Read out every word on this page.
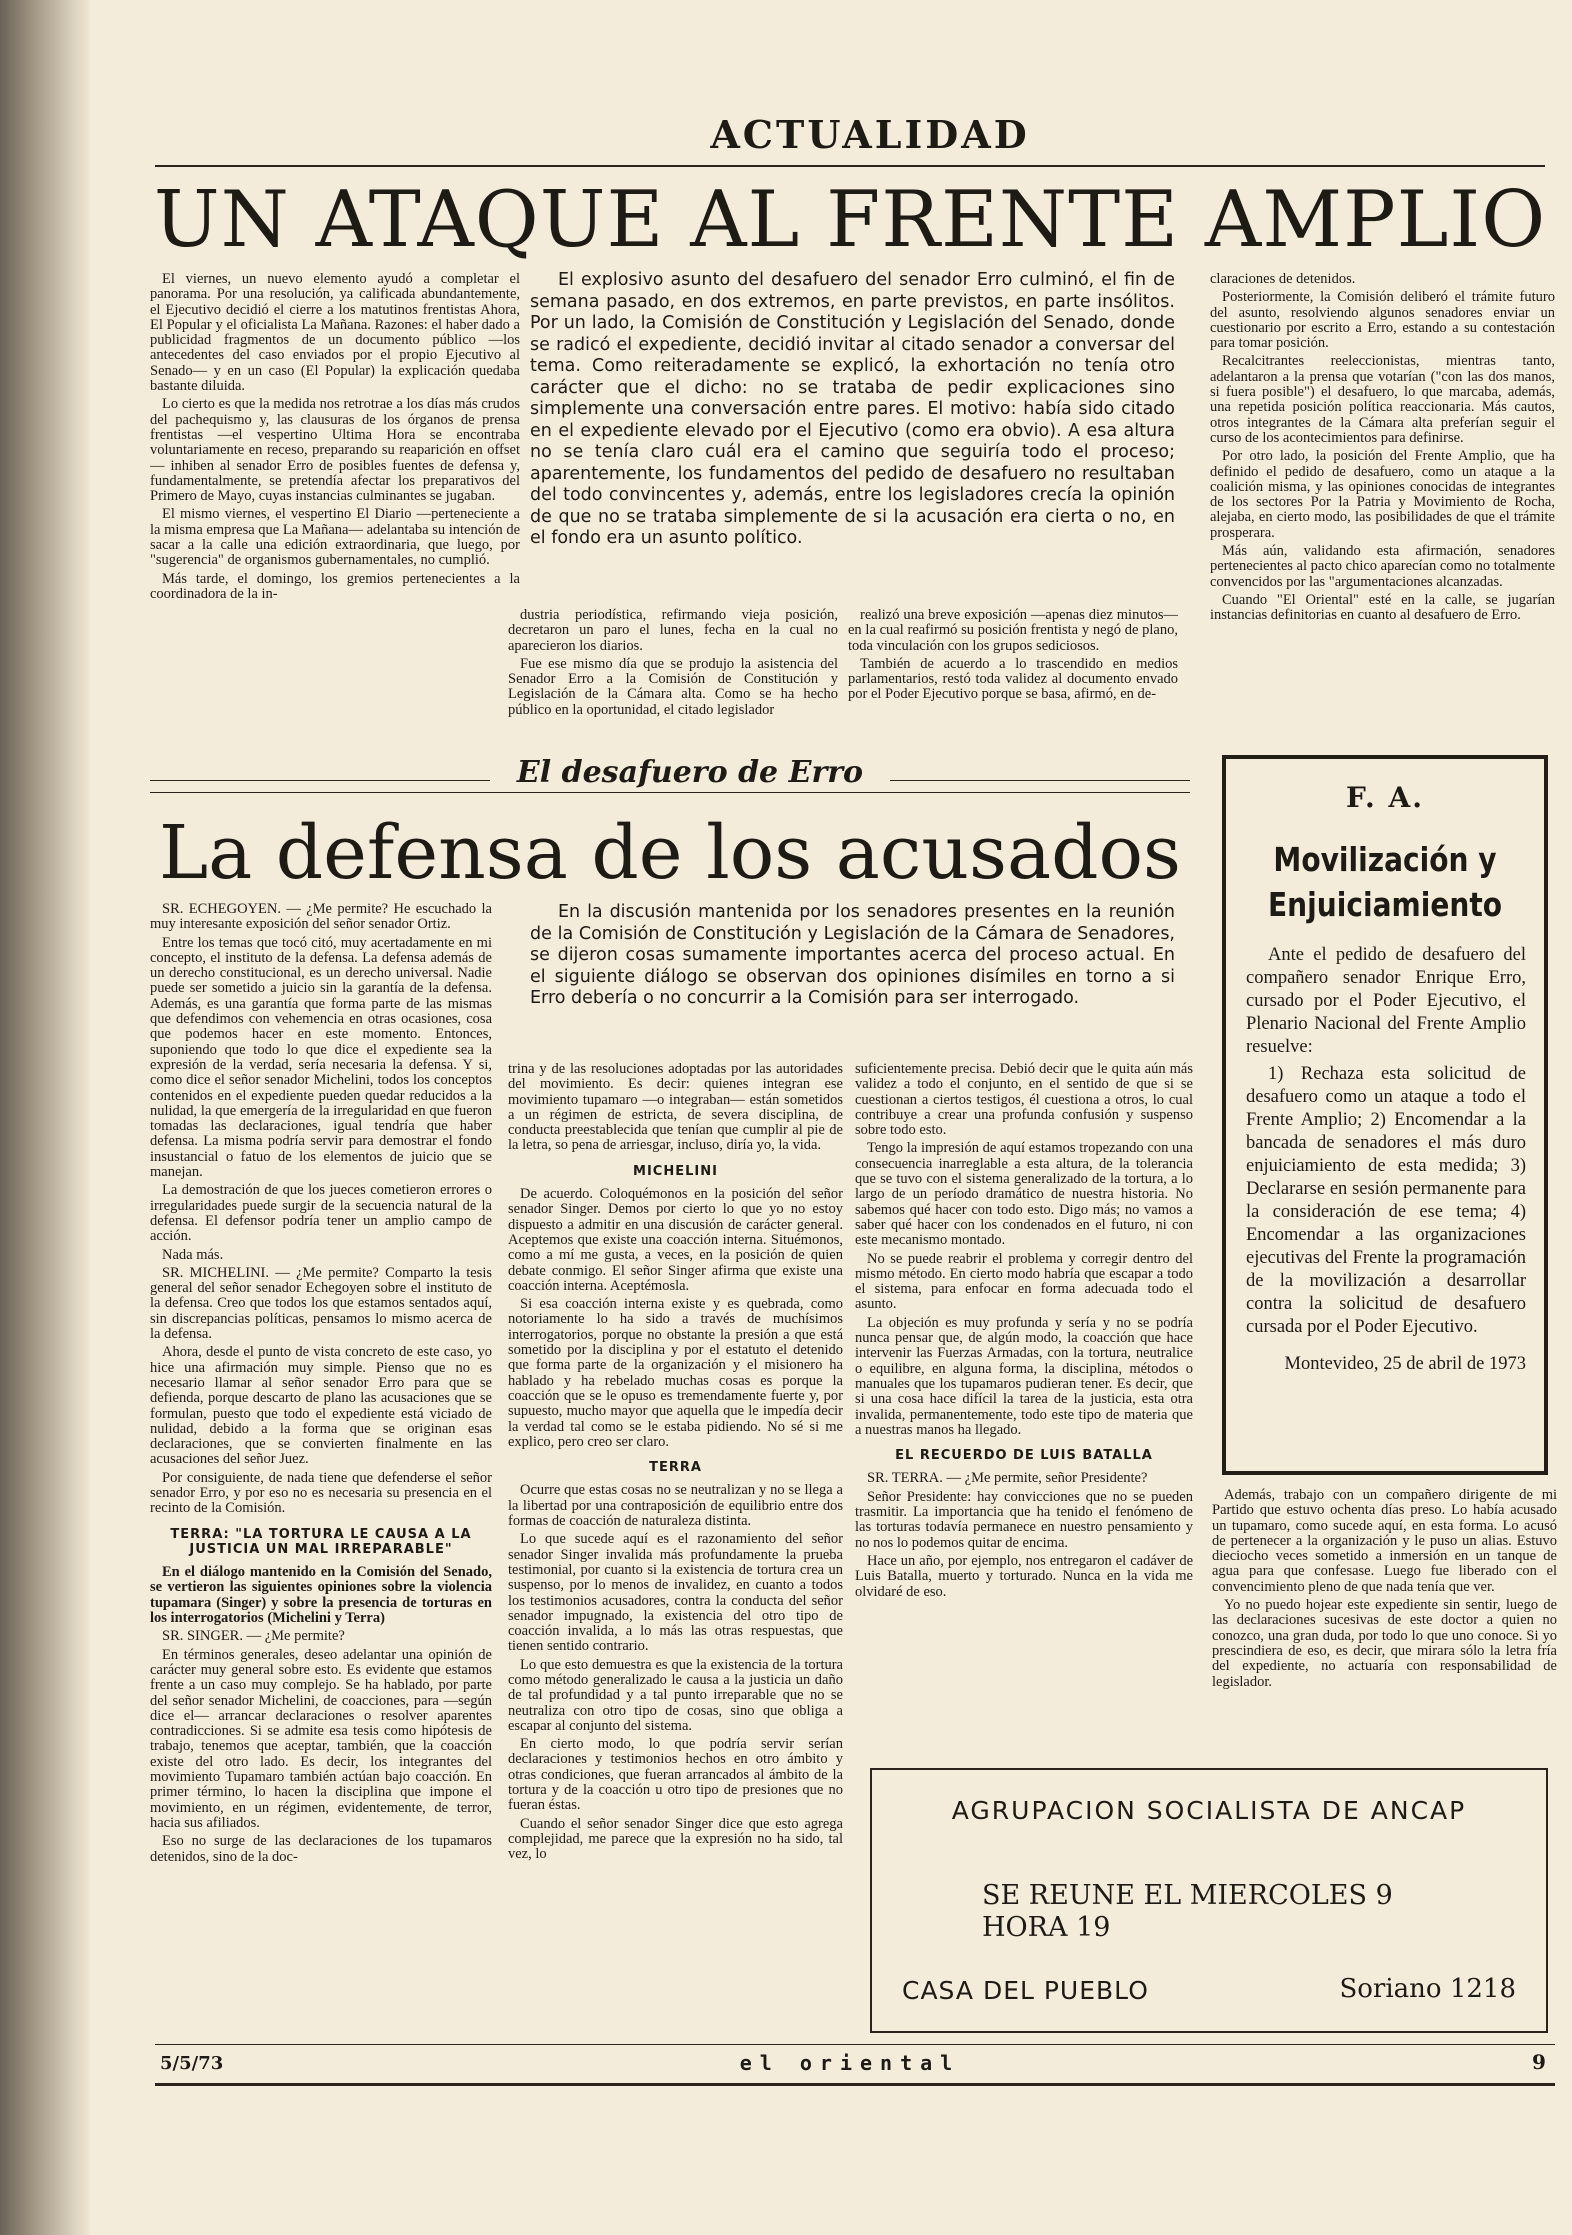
ACTUALIDAD
UN ATAQUE AL FRENTE AMPLIO

El viernes, un nuevo elemento ayudó a completar el panorama. Por una resolución, ya calificada abundantemente, el Ejecutivo decidió el cierre a los matutinos frentistas Ahora, El Popular y el oficialista La Mañana. Razones: el haber dado a publicidad fragmentos de un documento público —los antecedentes del caso enviados por el propio Ejecutivo al Senado— y en un caso (El Popular) la explicación quedaba bastante diluida.

Lo cierto es que la medida nos retrotrae a los días más crudos del pachequismo y, las clausuras de los órganos de prensa frentistas —el vespertino Ultima Hora se encontraba voluntariamente en receso, preparando su reaparición en offset— inhiben al senador Erro de posibles fuentes de defensa y, fundamentalmente, se pretendía afectar los preparativos del Primero de Mayo, cuyas instancias culminantes se jugaban.

El mismo viernes, el vespertino El Diario —perteneciente a la misma empresa que La Mañana— adelantaba su intención de sacar a la calle una edición extraordinaria, que luego, por "sugerencia" de organismos gubernamentales, no cumplió.

Más tarde, el domingo, los gremios pertenecientes a la coordinadora de la in-

El explosivo asunto del desafuero del senador Erro culminó, el fin de semana pasado, en dos extremos, en parte previstos, en parte insólitos. Por un lado, la Comisión de Constitución y Legislación del Senado, donde se radicó el expediente, decidió invitar al citado senador a conversar del tema. Como reiteradamente se explicó, la exhortación no tenía otro carácter que el dicho: no se trataba de pedir explicaciones sino simplemente una conversación entre pares. El motivo: había sido citado en el expediente elevado por el Ejecutivo (como era obvio). A esa altura no se tenía claro cuál era el camino que seguiría todo el proceso; aparentemente, los fundamentos del pedido de desafuero no resultaban del todo convincentes y, además, entre los legisladores crecía la opinión de que no se trataba simplemente de si la acusación era cierta o no, en el fondo era un asunto político.

dustria periodística, refirmando vieja posición, decretaron un paro el lunes, fecha en la cual no aparecieron los diarios.

Fue ese mismo día que se produjo la asistencia del Senador Erro a la Comisión de Constitución y Legislación de la Cámara alta. Como se ha hecho público en la oportunidad, el citado legislador

realizó una breve exposición —apenas diez minutos— en la cual reafirmó su posición frentista y negó de plano, toda vinculación con los grupos sediciosos.

También de acuerdo a lo trascendido en medios parlamentarios, restó toda validez al documento envado por el Poder Ejecutivo porque se basa, afirmó, en de-

claraciones de detenidos.

Posteriormente, la Comisión deliberó el trámite futuro del asunto, resolviendo algunos senadores enviar un cuestionario por escrito a Erro, estando a su contestación para tomar posición.

Recalcitrantes reeleccionistas, mientras tanto, adelantaron a la prensa que votarían ("con las dos manos, si fuera posible") el desafuero, lo que marcaba, además, una repetida posición política reaccionaria. Más cautos, otros integrantes de la Cámara alta preferían seguir el curso de los acontecimientos para definirse.

Por otro lado, la posición del Frente Amplio, que ha definido el pedido de desafuero, como un ataque a la coalición misma, y las opiniones conocidas de integrantes de los sectores Por la Patria y Movimiento de Rocha, alejaba, en cierto modo, las posibilidades de que el trámite prosperara.

Más aún, validando esta afirmación, senadores pertenecientes al pacto chico aparecían como no totalmente convencidos por las "argumentaciones alcanzadas.

Cuando "El Oriental" esté en la calle, se jugarían instancias definitorias en cuanto al desafuero de Erro.

El desafuero de Erro
La defensa de los acusados

En la discusión mantenida por los senadores presentes en la reunión de la Comisión de Constitución y Legislación de la Cámara de Senadores, se dijeron cosas sumamente importantes acerca del proceso actual. En el siguiente diálogo se observan dos opiniones disímiles en torno a si Erro debería o no concurrir a la Comisión para ser interrogado.

SR. ECHEGOYEN. — ¿Me permite? He escuchado la muy interesante exposición del señor senador Ortiz.

Entre los temas que tocó citó, muy acertadamente en mi concepto, el instituto de la defensa. La defensa además de un derecho constitucional, es un derecho universal. Nadie puede ser sometido a juicio sin la garantía de la defensa. Además, es una garantía que forma parte de las mismas que defendimos con vehemencia en otras ocasiones, cosa que podemos hacer en este momento. Entonces, suponiendo que todo lo que dice el expediente sea la expresión de la verdad, sería necesaria la defensa. Y si, como dice el señor senador Michelini, todos los conceptos contenidos en el expediente pueden quedar reducidos a la nulidad, la que emergería de la irregularidad en que fueron tomadas las declaraciones, igual tendría que haber defensa. La misma podría servir para demostrar el fondo insustancial o fatuo de los elementos de juicio que se manejan.

La demostración de que los jueces cometieron errores o irregularidades puede surgir de la secuencia natural de la defensa. El defensor podría tener un amplio campo de acción.

Nada más.

SR. MICHELINI. — ¿Me permite? Comparto la tesis general del señor senador Echegoyen sobre el instituto de la defensa. Creo que todos los que estamos sentados aquí, sin discrepancias políticas, pensamos lo mismo acerca de la defensa.

Ahora, desde el punto de vista concreto de este caso, yo hice una afirmación muy simple. Pienso que no es necesario llamar al señor senador Erro para que se defienda, porque descarto de plano las acusaciones que se formulan, puesto que todo el expediente está viciado de nulidad, debido a la forma que se originan esas declaraciones, que se convierten finalmente en las acusaciones del señor Juez.

Por consiguiente, de nada tiene que defenderse el señor senador Erro, y por eso no es necesaria su presencia en el recinto de la Comisión.

TERRA: "LA TORTURA LE CAUSA A LA JUSTICIA UN MAL IRREPARABLE"

En el diálogo mantenido en la Comisión del Senado, se vertieron las siguientes opiniones sobre la violencia tupamara (Singer) y sobre la presencia de torturas en los interrogatorios (Michelini y Terra)

SR. SINGER. — ¿Me permite?

En términos generales, deseo adelantar una opinión de carácter muy general sobre esto. Es evidente que estamos frente a un caso muy complejo. Se ha hablado, por parte del señor senador Michelini, de coacciones, para —según dice el— arrancar declaraciones o resolver aparentes contradicciones. Si se admite esa tesis como hipótesis de trabajo, tenemos que aceptar, también, que la coacción existe del otro lado. Es decir, los integrantes del movimiento Tupamaro también actúan bajo coacción. En primer término, lo hacen la disciplina que impone el movimiento, en un régimen, evidentemente, de terror, hacia sus afiliados.

Eso no surge de las declaraciones de los tupamaros detenidos, sino de la doc-

trina y de las resoluciones adoptadas por las autoridades del movimiento. Es decir: quienes integran ese movimiento tupamaro —o integraban— están sometidos a un régimen de estricta, de severa disciplina, de conducta preestablecida que tenían que cumplir al pie de la letra, so pena de arriesgar, incluso, diría yo, la vida.

MICHELINI

De acuerdo. Coloquémonos en la posición del señor senador Singer. Demos por cierto lo que yo no estoy dispuesto a admitir en una discusión de carácter general. Aceptemos que existe una coacción interna. Situémonos, como a mí me gusta, a veces, en la posición de quien debate conmigo. El señor Singer afirma que existe una coacción interna. Aceptémosla.

Si esa coacción interna existe y es quebrada, como notoriamente lo ha sido a través de muchísimos interrogatorios, porque no obstante la presión a que está sometido por la disciplina y por el estatuto el detenido que forma parte de la organización y el misionero ha hablado y ha rebelado muchas cosas es porque la coacción que se le opuso es tremendamente fuerte y, por supuesto, mucho mayor que aquella que le impedía decir la verdad tal como se le estaba pidiendo. No sé si me explico, pero creo ser claro.

TERRA

Ocurre que estas cosas no se neutralizan y no se llega a la libertad por una contraposición de equilibrio entre dos formas de coacción de naturaleza distinta.

Lo que sucede aquí es el razonamiento del señor senador Singer invalida más profundamente la prueba testimonial, por cuanto si la existencia de tortura crea un suspenso, por lo menos de invalidez, en cuanto a todos los testimonios acusadores, contra la conducta del señor senador impugnado, la existencia del otro tipo de coacción invalida, a lo más las otras respuestas, que tienen sentido contrario.

Lo que esto demuestra es que la existencia de la tortura como método generalizado le causa a la justicia un daño de tal profundidad y a tal punto irreparable que no se neutraliza con otro tipo de cosas, sino que obliga a escapar al conjunto del sistema.

En cierto modo, lo que podría servir serían declaraciones y testimonios hechos en otro ámbito y otras condiciones, que fueran arrancados al ámbito de la tortura y de la coacción u otro tipo de presiones que no fueran éstas.

Cuando el señor senador Singer dice que esto agrega complejidad, me parece que la expresión no ha sido, tal vez, lo

suficientemente precisa. Debió decir que le quita aún más validez a todo el conjunto, en el sentido de que si se cuestionan a ciertos testigos, él cuestiona a otros, lo cual contribuye a crear una profunda confusión y suspenso sobre todo esto.

Tengo la impresión de aquí estamos tropezando con una consecuencia inarreglable a esta altura, de la tolerancia que se tuvo con el sistema generalizado de la tortura, a lo largo de un período dramático de nuestra historia. No sabemos qué hacer con todo esto. Digo más; no vamos a saber qué hacer con los condenados en el futuro, ni con este mecanismo montado.

No se puede reabrir el problema y corregir dentro del mismo método. En cierto modo habría que escapar a todo el sistema, para enfocar en forma adecuada todo el asunto.

La objeción es muy profunda y sería y no se podría nunca pensar que, de algún modo, la coacción que hace intervenir las Fuerzas Armadas, con la tortura, neutralice o equilibre, en alguna forma, la disciplina, métodos o manuales que los tupamaros pudieran tener. Es decir, que si una cosa hace difícil la tarea de la justicia, esta otra invalida, permanentemente, todo este tipo de materia que a nuestras manos ha llegado.

EL RECUERDO DE LUIS BATALLA

SR. TERRA. — ¿Me permite, señor Presidente?

Señor Presidente: hay convicciones que no se pueden trasmitir. La importancia que ha tenido el fenómeno de las torturas todavía permanece en nuestro pensamiento y no nos lo podemos quitar de encima.

Hace un año, por ejemplo, nos entregaron el cadáver de Luis Batalla, muerto y torturado. Nunca en la vida me olvidaré de eso.

F. A.
Movilización y
Enjuiciamiento

Ante el pedido de desafuero del compañero senador Enrique Erro, cursado por el Poder Ejecutivo, el Plenario Nacional del Frente Amplio resuelve:

1) Rechaza esta solicitud de desafuero como un ataque a todo el Frente Amplio; 2) Encomendar a la bancada de senadores el más duro enjuiciamiento de esta medida; 3) Declararse en sesión permanente para la consideración de ese tema; 4) Encomendar a las organizaciones ejecutivas del Frente la programación de la movilización a desarrollar contra la solicitud de desafuero cursada por el Poder Ejecutivo.

Montevideo, 25 de abril de 1973

Además, trabajo con un compañero dirigente de mi Partido que estuvo ochenta días preso. Lo había acusado un tupamaro, como sucede aquí, en esta forma. Lo acusó de pertenecer a la organización y le puso un alias. Estuvo dieciocho veces sometido a inmersión en un tanque de agua para que confesase. Luego fue liberado con el convencimiento pleno de que nada tenía que ver.

Yo no puedo hojear este expediente sin sentir, luego de las declaraciones sucesivas de este doctor a quien no conozco, una gran duda, por todo lo que uno conoce. Si yo prescindiera de eso, es decir, que mirara sólo la letra fría del expediente, no actuaría con responsabilidad de legislador.

AGRUPACION SOCIALISTA DE ANCAP
SE REUNE EL MIERCOLES 9
HORA 19
CASA DEL PUEBLO	Soriano 1218
5/5/73	el oriental	9
